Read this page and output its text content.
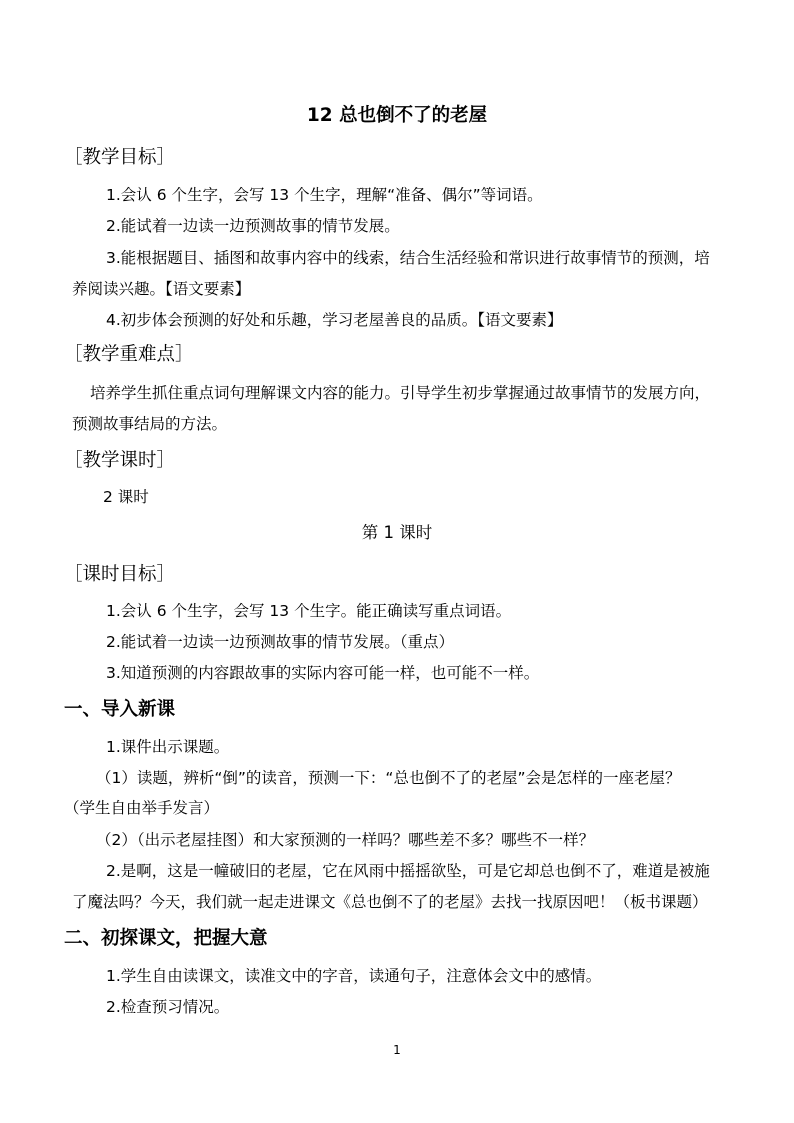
12 总也倒不了的老屋
［教学目标］
1.会认 6 个生字，会写 13 个生字，理解“准备、偶尔”等词语。
2.能试着一边读一边预测故事的情节发展。
3.能根据题目、插图和故事内容中的线索，结合生活经验和常识进行故事情节的预测，培
养阅读兴趣。【语文要素】
4.初步体会预测的好处和乐趣，学习老屋善良的品质。【语文要素】
［教学重难点］
培养学生抓住重点词句理解课文内容的能力。引导学生初步掌握通过故事情节的发展方向，
预测故事结局的方法。
［教学课时］
2 课时
第 1 课时
［课时目标］
1.会认 6 个生字，会写 13 个生字。能正确读写重点词语。
2.能试着一边读一边预测故事的情节发展。（重点）
3.知道预测的内容跟故事的实际内容可能一样，也可能不一样。
一、导入新课
1.课件出示课题。
（1）读题，辨析“倒”的读音，预测一下：“总也倒不了的老屋”会是怎样的一座老屋？
（学生自由举手发言）
（2）（出示老屋挂图）和大家预测的一样吗？哪些差不多？哪些不一样？
2.是啊，这是一幢破旧的老屋，它在风雨中摇摇欲坠，可是它却总也倒不了，难道是被施
了魔法吗？今天，我们就一起走进课文《总也倒不了的老屋》去找一找原因吧！（板书课题）
二、初探课文，把握大意
1.学生自由读课文，读准文中的字音，读通句子，注意体会文中的感情。
2.检查预习情况。
1
